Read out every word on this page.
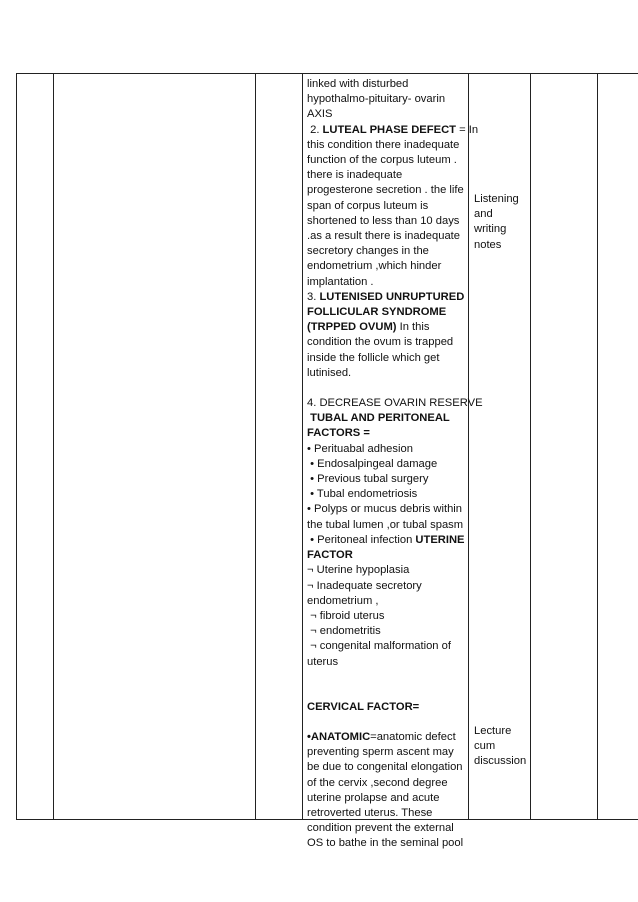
linked with disturbed
hypothalmo-pituitary- ovarin
AXIS
2. LUTEAL PHASE DEFECT = In
this condition there inadequate
function of the corpus luteum .
there is inadequate
progesterone secretion . the life
span of corpus luteum is
shortened to less than 10 days
.as a result there is inadequate
secretory changes in the
endometrium ,which hinder
implantation .
3. LUTENISED UNRUPTURED
FOLLICULAR SYNDROME
(TRPPED OVUM) In this
condition the ovum is trapped
inside the follicle which get
lutinised.
4. DECREASE OVARIN RESERVE
TUBAL AND PERITONEAL
FACTORS =
• Perituabal adhesion
• Endosalpingeal damage
• Previous tubal surgery
• Tubal endometriosis
• Polyps or mucus debris within
the tubal lumen ,or tubal spasm
• Peritoneal infection UTERINE
FACTOR
¬ Uterine hypoplasia
¬ Inadequate secretory
endometrium ,
¬ fibroid uterus
¬ endometritis
¬ congenital malformation of
uterus
CERVICAL FACTOR=
•ANATOMIC=anatomic defect
preventing sperm ascent may
be due to congenital elongation
of the cervix ,second degree
uterine prolapse and acute
retroverted uterus. These
condition prevent the external
OS to bathe in the seminal pool
Listening
and
writing
notes
Lecture
cum
discussion
